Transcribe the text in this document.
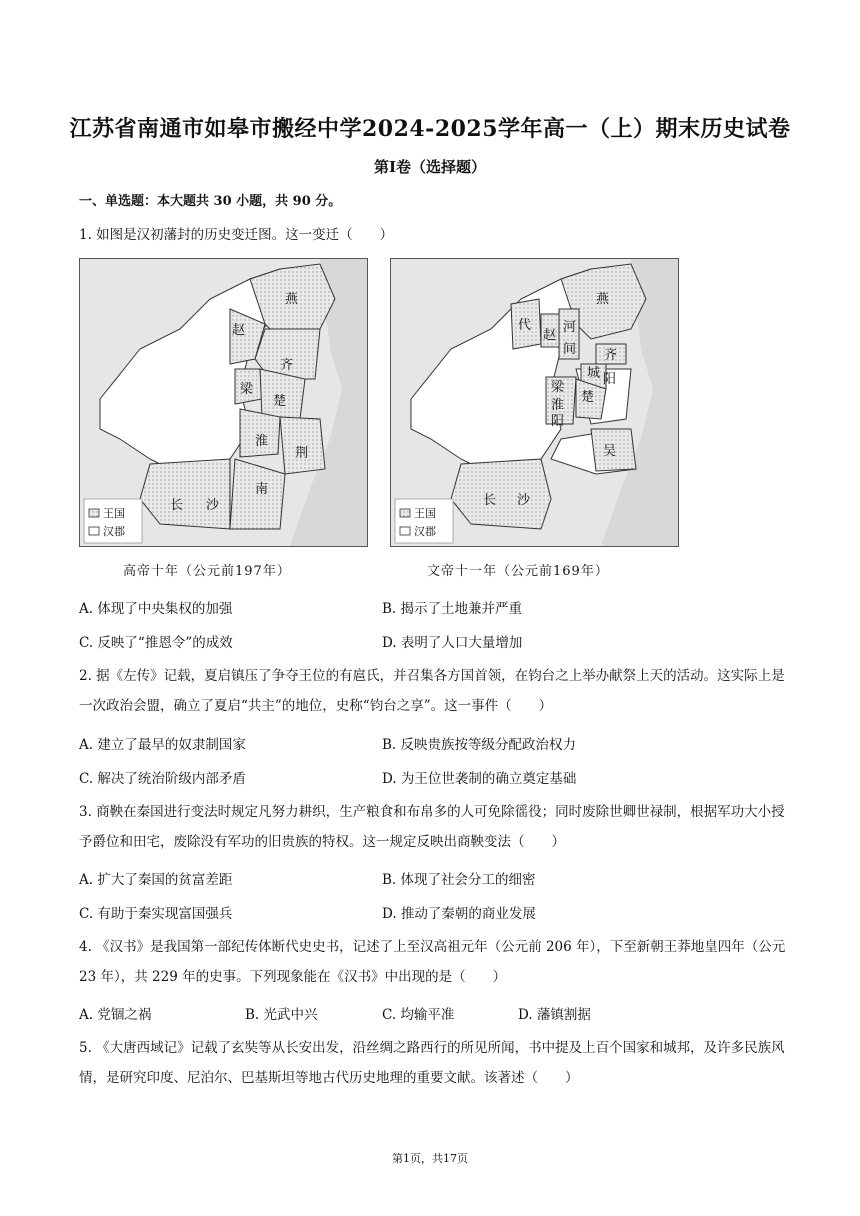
江苏省南通市如皋市搬经中学2024-2025学年高一（上）期末历史试卷
第Ⅰ卷（选择题）
一、单选题：本大题共 30 小题，共 90 分。
1. 如图是汉初藩封的历史变迁图。这一变迁（　　）
燕
赵
齐
梁
楚
淮
荆
南
长 沙
王国
汉郡
高帝十年（公元前197年）
燕
代
赵
河
间 齐
城 阳
梁
楚
淮
阳
吴
长 沙
王国
汉郡
文帝十一年（公元前169年）
A. 体现了中央集权的加强	B. 揭示了土地兼并严重
C. 反映了“推恩令”的成效	D. 表明了人口大量增加
2. 据《左传》记载，夏启镇压了争夺王位的有扈氏，并召集各方国首领，在钧台之上举办献祭上天的活动。这实际上是一次政治会盟，确立了夏启“共主”的地位，史称“钧台之享”。这一事件（　　）
A. 建立了最早的奴隶制国家	B. 反映贵族按等级分配政治权力
C. 解决了统治阶级内部矛盾	D. 为王位世袭制的确立奠定基础
3. 商鞅在秦国进行变法时规定凡努力耕织，生产粮食和布帛多的人可免除徭役；同时废除世卿世禄制，根据军功大小授予爵位和田宅，废除没有军功的旧贵族的特权。这一规定反映出商鞅变法（　　）
A. 扩大了秦国的贫富差距	B. 体现了社会分工的细密
C. 有助于秦实现富国强兵	D. 推动了秦朝的商业发展
4. 《汉书》是我国第一部纪传体断代史史书，记述了上至汉高祖元年（公元前 206 年），下至新朝王莽地皇四年（公元 23 年），共 229 年的史事。下列现象能在《汉书》中出现的是（　　）
A. 党锢之祸	B. 光武中兴	C. 均输平准	D. 藩镇割据
5. 《大唐西域记》记载了玄奘等从长安出发，沿丝绸之路西行的所见所闻，书中提及上百个国家和城邦，及许多民族风情，是研究印度、尼泊尔、巴基斯坦等地古代历史地理的重要文献。该著述（　　）
第1页，共17页
